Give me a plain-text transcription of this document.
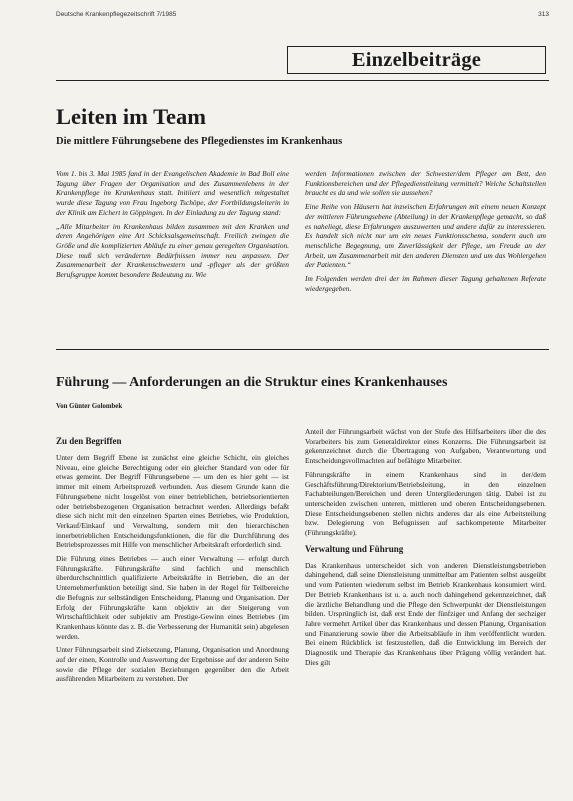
Deutsche Krankenpflegezeitschrift 7/1985	313
Einzelbeiträge
Leiten im Team
Die mittlere Führungsebene des Pflegedienstes im Krankenhaus

Vom 1. bis 3. Mai 1985 fand in der Evangelischen Akademie in Bad Boll eine Tagung über Fragen der Organisation und des Zusammenlebens in der Krankenpflege im Krankenhaus statt. Initiiert und wesentlich mitgestaltet wurde diese Tagung von Frau Ingeborg Tschöpe, der Fortbildungsleiterin in der Klinik am Eichert in Göppingen. In der Einladung zu der Tagung stand:

„Alle Mitarbeiter im Krankenhaus bilden zusammen mit den Kranken und deren Angehörigen eine Art Schicksalsgemeinschaft. Freilich zwingen die Größe und die komplizierten Abläufe zu einer genau geregelten Organisation. Diese muß sich veränderten Bedürfnissen immer neu anpassen. Der Zusammenarbeit der Krankenschwestern und -pfleger als der größten Berufsgruppe kommt besondere Bedeutung zu. Wie

werden Informationen zwischen der Schwester/dem Pfleger am Bett, den Funktionsbereichen und der Pflegedienstleitung vermittelt? Welche Schaltstellen braucht es da und wie sollen sie aussehen?

Eine Reihe von Häusern hat inzwischen Erfahrungen mit einem neuen Konzept der mittleren Führungsebene (Abteilung) in der Krankenpflege gemacht, so daß es naheliegt, diese Erfahrungen auszuwerten und andere dafür zu interessieren. Es handelt sich nicht nur um ein neues Funktionsschema, sondern auch um menschliche Begegnung, um Zuverlässigkeit der Pflege, um Freude an der Arbeit, um Zusammenarbeit mit den anderen Diensten und um das Wohlergehen der Patienten.“

Im Folgenden werden drei der im Rahmen dieser Tagung gehaltenen Referate wiedergegeben.

Führung — Anforderungen an die Struktur eines Krankenhauses
Von Günter Golombek
Zu den Begriffen

Unter dem Begriff Ebene ist zunächst eine gleiche Schicht, ein gleiches Niveau, eine gleiche Berechtigung oder ein gleicher Standard von oder für etwas gemeint. Der Begriff Führungsebene — um den es hier geht — ist immer mit einem Arbeitsprozeß verbunden. Aus diesem Grunde kann die Führungsebene nicht losgelöst von einer betrieblichen, betriebsorientierten oder betriebsbezogenen Organisation betrachtet werden. Allerdings befaßt diese sich nicht mit den einzelnen Sparten eines Betriebes, wie Produktion, Verkauf/Einkauf und Verwaltung, sondern mit den hierarchischen innerbetrieblichen Entscheidungsfunktionen, die für die Durchführung des Betriebsprozesses mit Hilfe von menschlicher Arbeitskraft erforderlich sind.

Die Führung eines Betriebes — auch einer Verwaltung — erfolgt durch Führungskräfte. Führungskräfte sind fachlich und menschlich überdurchschnittlich qualifizierte Arbeitskräfte in Betrieben, die an der Unternehmerfunktion beteiligt sind. Sie haben in der Regel für Teilbereiche die Befugnis zur selbständigen Entscheidung, Planung und Organisation. Der Erfolg der Führungskräfte kann objektiv an der Steigerung von Wirtschaftlichkeit oder subjektiv am Prestige-Gewinn eines Betriebes (im Krankenhaus könnte das z. B. die Verbesserung der Humanität sein) abgelesen werden.

Unter Führungsarbeit sind Zielsetzung, Planung, Organisation und Anordnung auf der einen, Kontrolle und Auswertung der Ergebnisse auf der anderen Seite sowie die Pflege der sozialen Beziehungen gegenüber den die Arbeit ausführenden Mitarbeitern zu verstehen. Der

Anteil der Führungsarbeit wächst von der Stufe des Hilfsarbeiters über die des Vorarbeiters bis zum Generaldirektor eines Konzerns. Die Führungsarbeit ist gekennzeichnet durch die Übertragung von Aufgaben, Verantwortung und Entscheidungsvollmachten auf befähigte Mitarbeiter.

Führungskräfte in einem Krankenhaus sind in der/dem Geschäftsführung/Direktorium/Betriebsleitung, in den einzelnen Fachabteilungen/Bereichen und deren Untergliederungen tätig. Dabei ist zu unterscheiden zwischen unteren, mittleren und oberen Entscheidungsebenen. Diese Entscheidungsebenen stellen nichts anderes dar als eine Arbeitsteilung bzw. Delegierung von Befugnissen auf sachkompetente Mitarbeiter (Führungskräfte).

Verwaltung und Führung

Das Krankenhaus unterscheidet sich von anderen Dienstleistungsbetrieben dahingehend, daß seine Dienstleistung unmittelbar am Patienten selbst ausgeübt und vom Patienten wiederum selbst im Betrieb Krankenhaus konsumiert wird. Der Betrieb Krankenhaus ist u. a. auch noch dahingehend gekennzeichnet, daß die ärztliche Behandlung und die Pflege den Schwerpunkt der Dienstleistungen bilden. Ursprünglich ist, daß erst Ende der fünfziger und Anfang der sechziger Jahre vermehrt Artikel über das Krankenhaus und dessen Planung, Organisation und Finanzierung sowie über die Arbeitsabläufe in ihm veröffentlicht wurden. Bei einem Rückblick ist festzustellen, daß die Entwicklung im Bereich der Diagnostik und Therapie das Krankenhaus über Prägung völlig verändert hat. Dies gilt
